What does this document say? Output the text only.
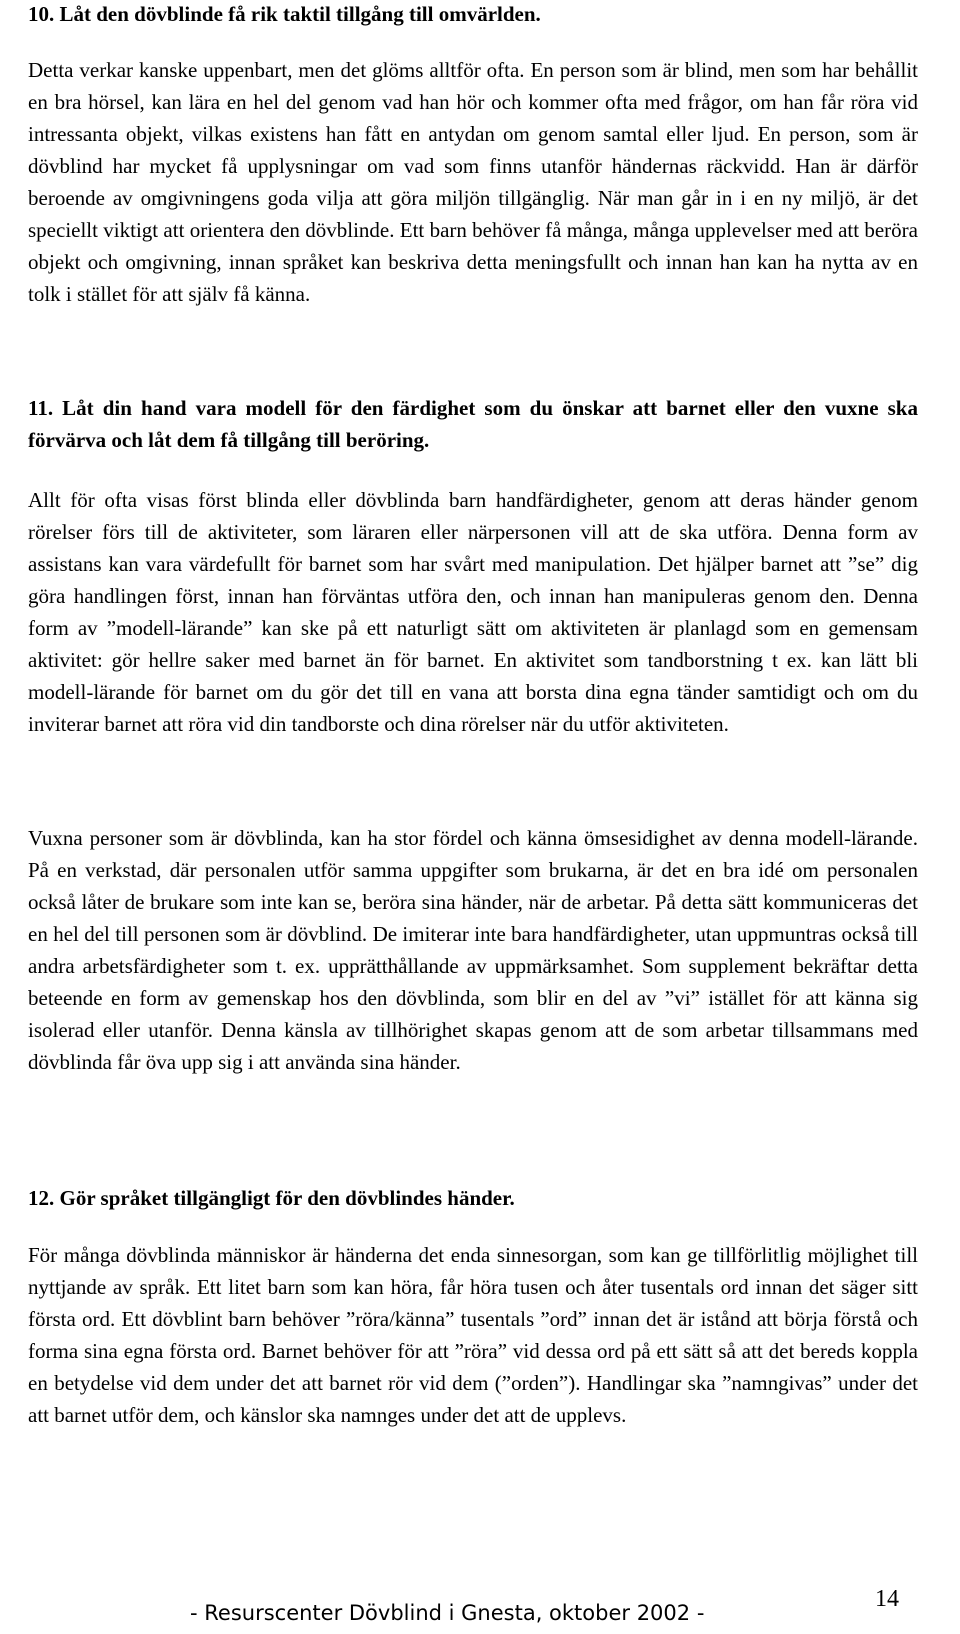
10. Låt den dövblinde få rik taktil tillgång till omvärlden.

Detta verkar kanske uppenbart, men det glöms alltför ofta. En person som är blind, men som har behållit en bra hörsel, kan lära en hel del genom vad han hör och kommer ofta med frågor, om han får röra vid intressanta objekt, vilkas existens han fått en antydan om genom samtal eller ljud. En person, som är dövblind har mycket få upplysningar om vad som finns utanför händernas räckvidd. Han är därför beroende av omgivningens goda vilja att göra miljön tillgänglig. När man går in i en ny miljö, är det speciellt viktigt att orientera den dövblinde. Ett barn behöver få många, många upplevelser med att beröra objekt och omgivning, innan språket kan beskriva detta meningsfullt och innan han kan ha nytta av en tolk i stället för att själv få känna.

11. Låt din hand vara modell för den färdighet som du önskar att barnet eller den vuxne ska förvärva och låt dem få tillgång till beröring.

Allt för ofta visas först blinda eller dövblinda barn handfärdigheter, genom att deras händer genom rörelser förs till de aktiviteter, som läraren eller närpersonen vill att de ska utföra. Denna form av assistans kan vara värdefullt för barnet som har svårt med manipulation. Det hjälper barnet att ”se” dig göra handlingen först, innan han förväntas utföra den, och innan han manipuleras genom den. Denna form av ”modell-lärande” kan ske på ett naturligt sätt om aktiviteten är planlagd som en gemensam aktivitet: gör hellre saker med barnet än för barnet. En aktivitet som tandborstning t ex. kan lätt bli modell-lärande för barnet om du gör det till en vana att borsta dina egna tänder samtidigt och om du inviterar barnet att röra vid din tandborste och dina rörelser när du utför aktiviteten.

Vuxna personer som är dövblinda, kan ha stor fördel och känna ömsesidighet av denna modell-lärande. På en verkstad, där personalen utför samma uppgifter som brukarna, är det en bra idé om personalen också låter de brukare som inte kan se, beröra sina händer, när de arbetar. På detta sätt kommuniceras det en hel del till personen som är dövblind. De imiterar inte bara handfärdigheter, utan uppmuntras också till andra arbetsfärdigheter som t. ex. upprätthållande av uppmärksamhet. Som supplement bekräftar detta beteende en form av gemenskap hos den dövblinda, som blir en del av ”vi” istället för att känna sig isolerad eller utanför. Denna känsla av tillhörighet skapas genom att de som arbetar tillsammans med dövblinda får öva upp sig i att använda sina händer.

12. Gör språket tillgängligt för den dövblindes händer.

För många dövblinda människor är händerna det enda sinnesorgan, som kan ge tillförlitlig möjlighet till nyttjande av språk. Ett litet barn som kan höra, får höra tusen och åter tusentals ord innan det säger sitt första ord. Ett dövblint barn behöver ”röra/känna” tusentals ”ord” innan det är istånd att börja förstå och forma sina egna första ord. Barnet behöver för att ”röra” vid dessa ord på ett sätt så att det bereds koppla en betydelse vid dem under det att barnet rör vid dem (”orden”). Handlingar ska ”namngivas” under det att barnet utför dem, och känslor ska namnges under det att de upplevs.

- Resurscenter Dövblind i Gnesta, oktober 2002 -

14
